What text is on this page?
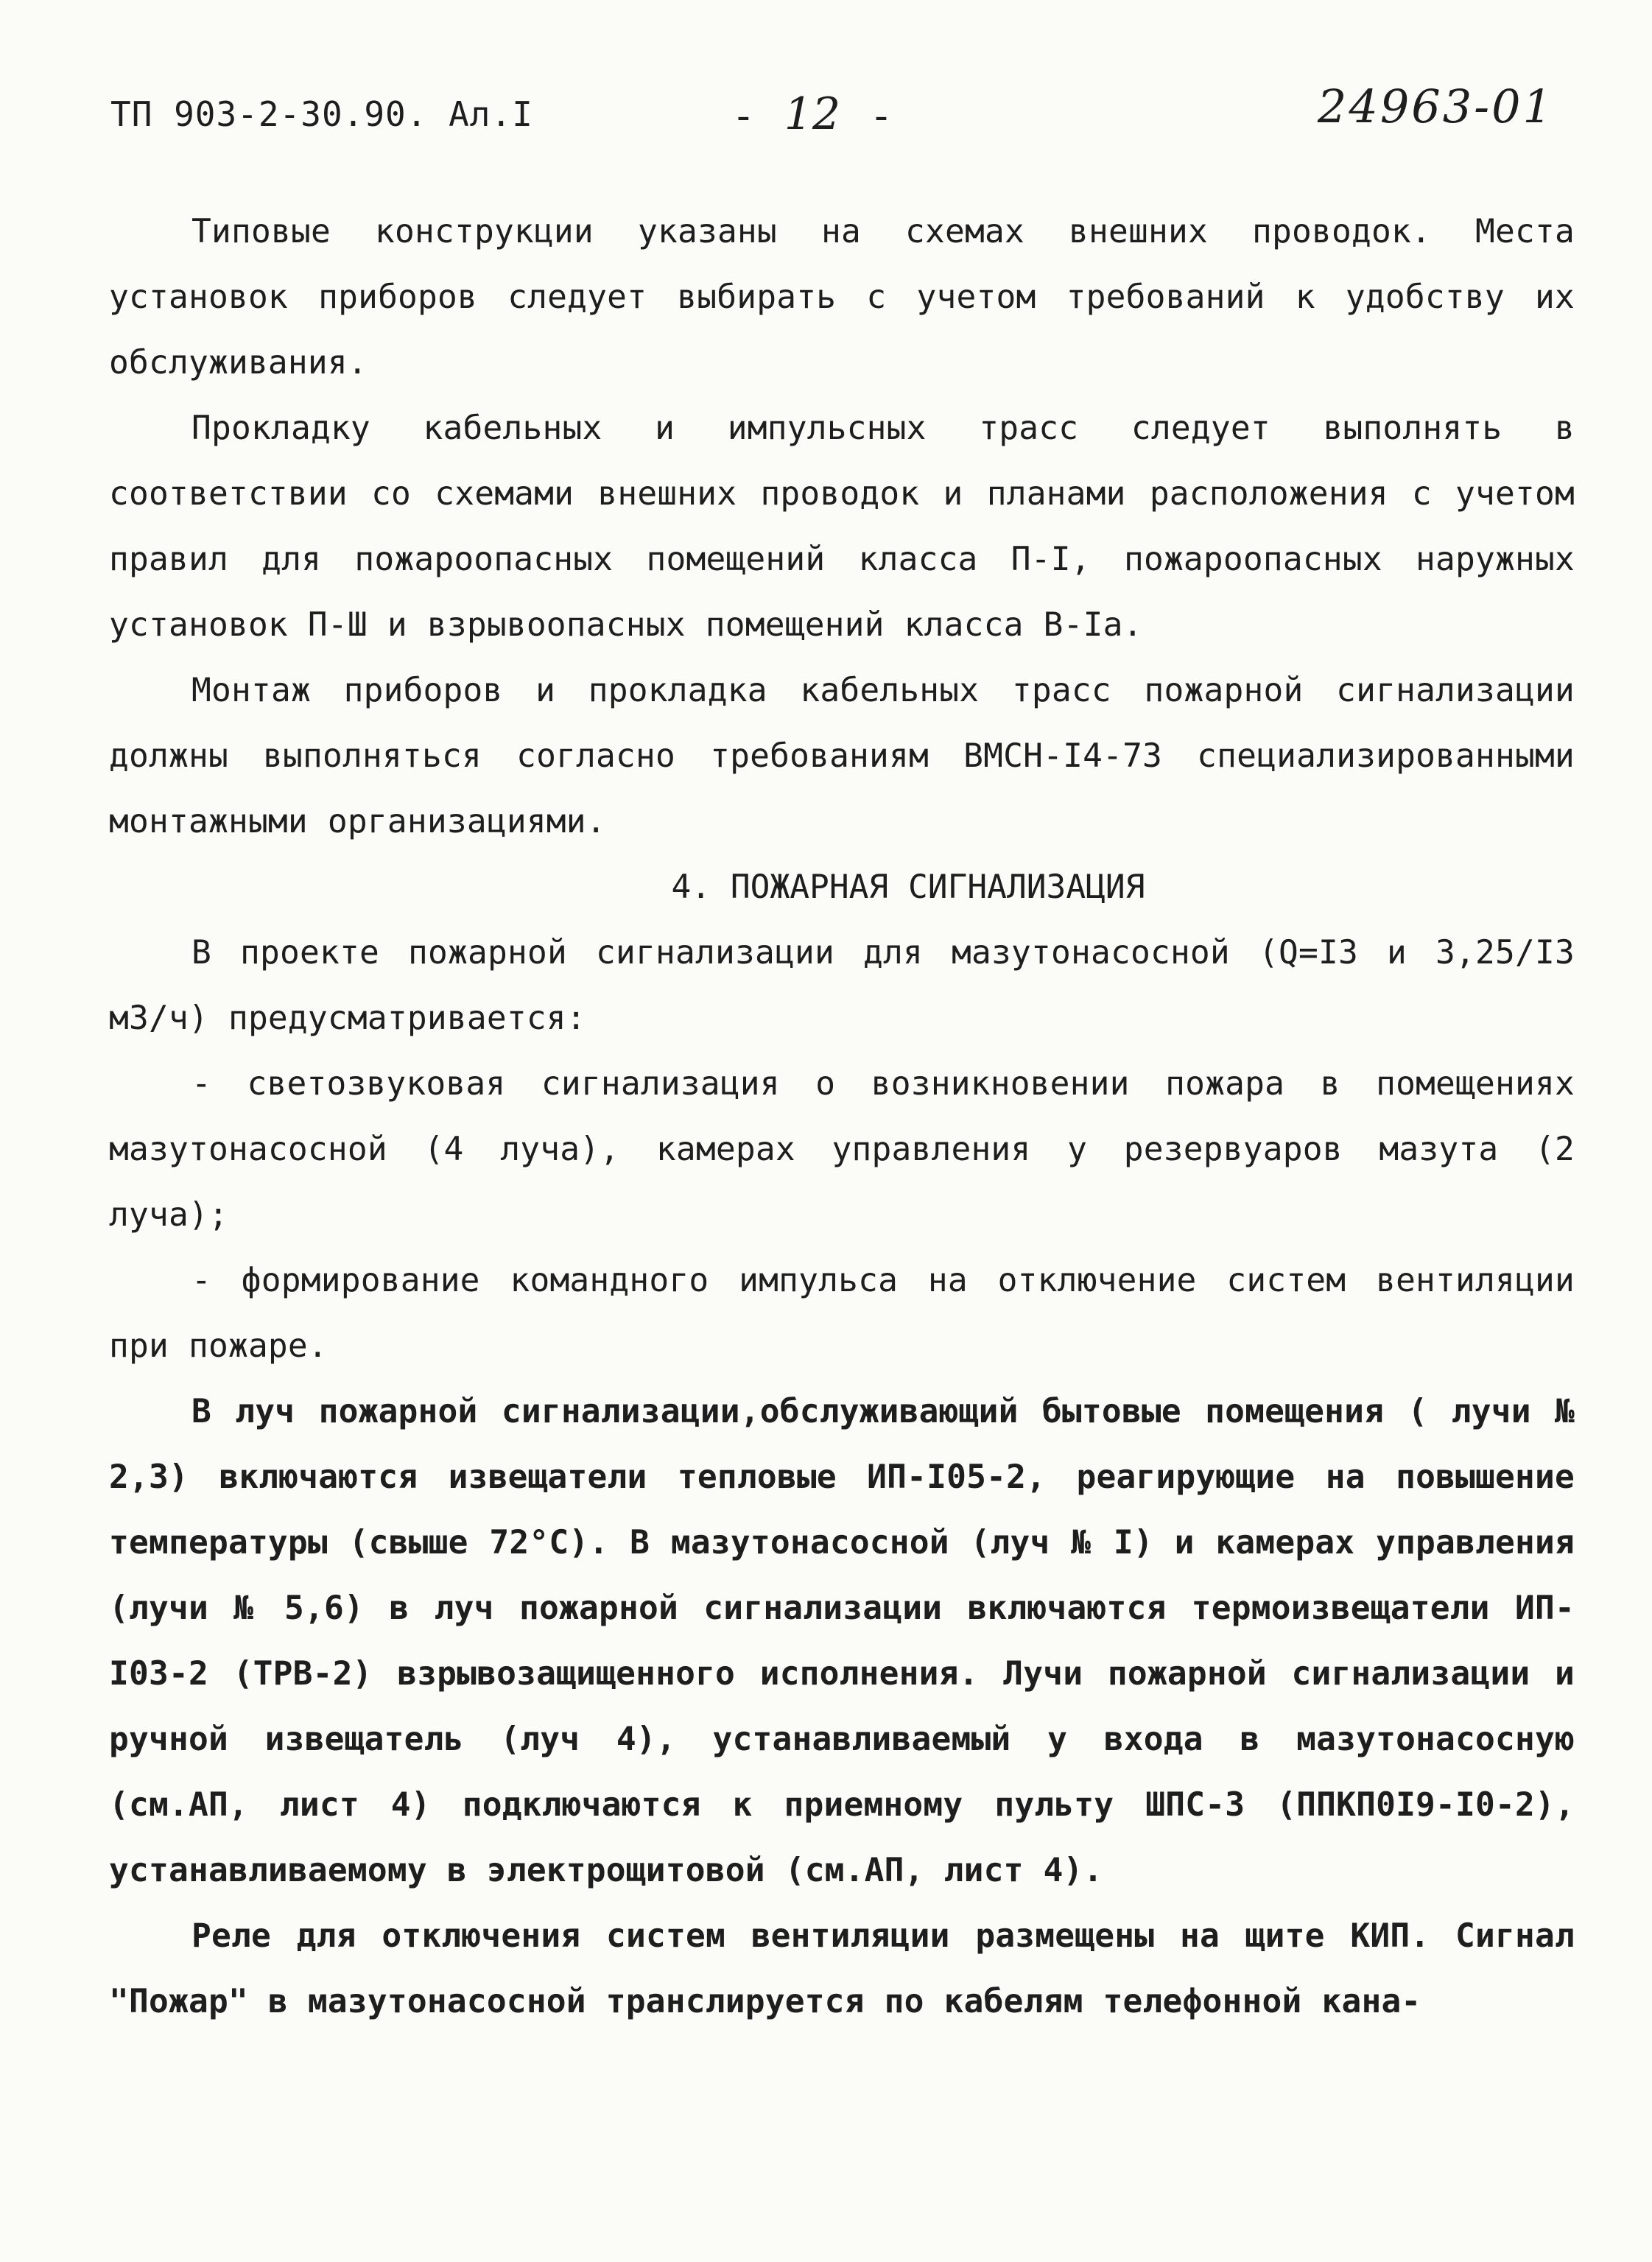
ТП 903-2-30.90. Ал.I	- 12 -	24963-01

Типовые конструкции указаны на схемах внешних проводок. Места установок приборов следует выбирать с учетом требований к удобству их обслуживания.

Прокладку кабельных и импульсных трасс следует выполнять в соответствии со схемами внешних проводок и планами расположения с учетом правил для пожароопасных помещений класса П-I, пожароопасных наружных установок П-Ш и взрывоопасных помещений класса В-Iа.

Монтаж приборов и прокладка кабельных трасс пожарной сигнализации должны выполняться согласно требованиям ВМСН-I4-73 специализированными монтажными организациями.

4. ПОЖАРНАЯ СИГНАЛИЗАЦИЯ

В проекте пожарной сигнализации для мазутонасосной (Q=I3 и 3,25/I3 м3/ч) предусматривается:

- светозвуковая сигнализация о возникновении пожара в помещениях мазутонасосной (4 луча), камерах управления у резервуаров мазута (2 луча);

- формирование командного импульса на отключение систем вентиляции при пожаре.

В луч пожарной сигнализации,обслуживающий бытовые помещения ( лучи № 2,3) включаются извещатели тепловые ИП-I05-2, реагирующие на повышение температуры (свыше 72°С). В мазутонасосной (луч № I) и камерах управления (лучи № 5,6) в луч пожарной сигнализации включаются термоизвещатели ИП-I03-2 (ТРВ-2) взрывозащищенного исполнения. Лучи пожарной сигнализации и ручной извещатель (луч 4), устанавливаемый у входа в мазутонасосную (см.АП, лист 4) подключаются к приемному пульту ШПС-3 (ППКП0I9-I0-2), устанавливаемому в электрощитовой (см.АП, лист 4).

Реле для отключения систем вентиляции размещены на щите КИП. Сигнал "Пожар" в мазутонасосной транслируется по кабелям телефонной кана-
